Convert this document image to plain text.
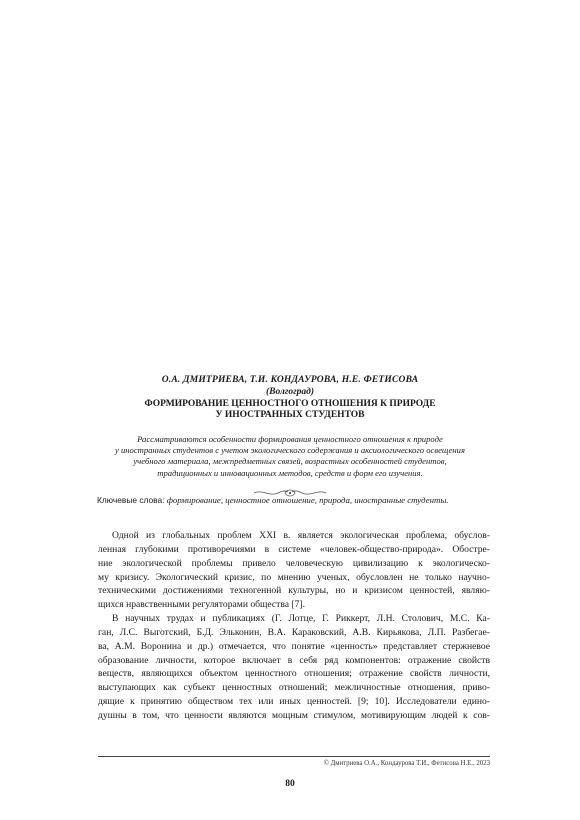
О.А. ДМИТРИЕВА, Т.И. КОНДАУРОВА, Н.Е. ФЕТИСОВА
(Волгоград)
ФОРМИРОВАНИЕ ЦЕННОСТНОГО ОТНОШЕНИЯ К ПРИРОДЕ
У ИНОСТРАННЫХ СТУДЕНТОВ
Рассматриваются особенности формирования ценностного отношения к природе
у иностранных студентов с учетом экологического содержания и аксиологического освещения
учебного материала, межпредметных связей, возрастных особенностей студентов,
традиционных и инновационных методов, средств и форм его изучения.
Ключевые слова: формирование, ценностное отношение, природа, иностранные студенты.
Одной из глобальных проблем XXI в. является экологическая проблема, обуслов-
ленная глубокими противоречиями в системе «человек-общество-природа». Обостре-
ние экологической проблемы привело человеческую цивилизацию к экологическо-
му кризису. Экологический кризис, по мнению ученых, обусловлен не только научно-
техническими достижениями техногенной культуры, но и кризисом ценностей, являю-
щихся нравственными регуляторами общества [7].
В научных трудах и публикациях (Г. Лотце, Г. Риккерт, Л.Н. Столович, М.С. Ка-
ган, Л.С. Выготский, Б.Д. Эльконин, В.А. Караковский, А.В. Кирьякова, Л.П. Разбегае-
ва, А.М. Воронина и др.) отмечается, что понятие «ценность» представляет стержневое
образование личности, которое включает в себя ряд компонентов: отражение свойств
веществ, являющихся объектом ценностного отношения; отражение свойств личности,
выступающих как субъект ценностных отношений; межличностные отношения, приво-
дящие к принятию обществом тех или иных ценностей. [9; 10]. Исследователи едино-
душны в том, что ценности являются мощным стимулом, мотивирующим людей к сов-
© Дмитриева О.А., Кондаурова Т.И., Фетисова Н.Е., 2023
80
